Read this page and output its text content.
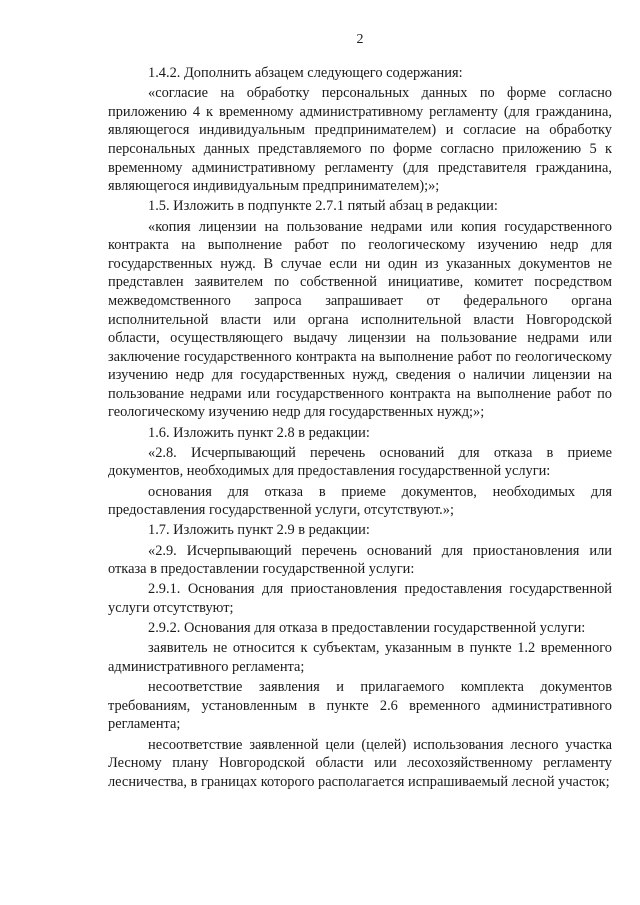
2

1.4.2. Дополнить абзацем следующего содержания:

«согласие на обработку персональных данных по форме согласно приложению 4 к временному административному регламенту (для гражданина, являющегося индивидуальным предпринимателем) и согласие на обработку персональных данных представляемого по форме согласно приложению 5 к временному административному регламенту (для представителя гражданина, являющегося индивидуальным предпринимателем);»;

1.5. Изложить в подпункте 2.7.1 пятый абзац в редакции:

«копия лицензии на пользование недрами или копия государственного контракта на выполнение работ по геологическому изучению недр для государственных нужд. В случае если ни один из указанных документов не представлен заявителем по собственной инициативе, комитет посредством межведомственного запроса запрашивает от федерального органа исполнительной власти или органа исполнительной власти Новгородской области, осуществляющего выдачу лицензии на пользование недрами или заключение государственного контракта на выполнение работ по геологическому изучению недр для государственных нужд, сведения о наличии лицензии на пользование недрами или государственного контракта на выполнение работ по геологическому изучению недр для государственных нужд;»;

1.6. Изложить пункт 2.8 в редакции:

«2.8. Исчерпывающий перечень оснований для отказа в приеме документов, необходимых для предоставления государственной услуги:

основания для отказа в приеме документов, необходимых для предоставления государственной услуги, отсутствуют.»;

1.7. Изложить пункт 2.9 в редакции:

«2.9. Исчерпывающий перечень оснований для приостановления или отказа в предоставлении государственной услуги:

2.9.1. Основания для приостановления предоставления государственной услуги отсутствуют;

2.9.2. Основания для отказа в предоставлении государственной услуги:

заявитель не относится к субъектам, указанным в пункте 1.2 временного административного регламента;

несоответствие заявления и прилагаемого комплекта документов требованиям, установленным в пункте 2.6 временного административного регламента;

несоответствие заявленной цели (целей) использования лесного участка Лесному плану Новгородской области или лесохозяйственному регламенту лесничества, в границах которого располагается испрашиваемый лесной участок;
